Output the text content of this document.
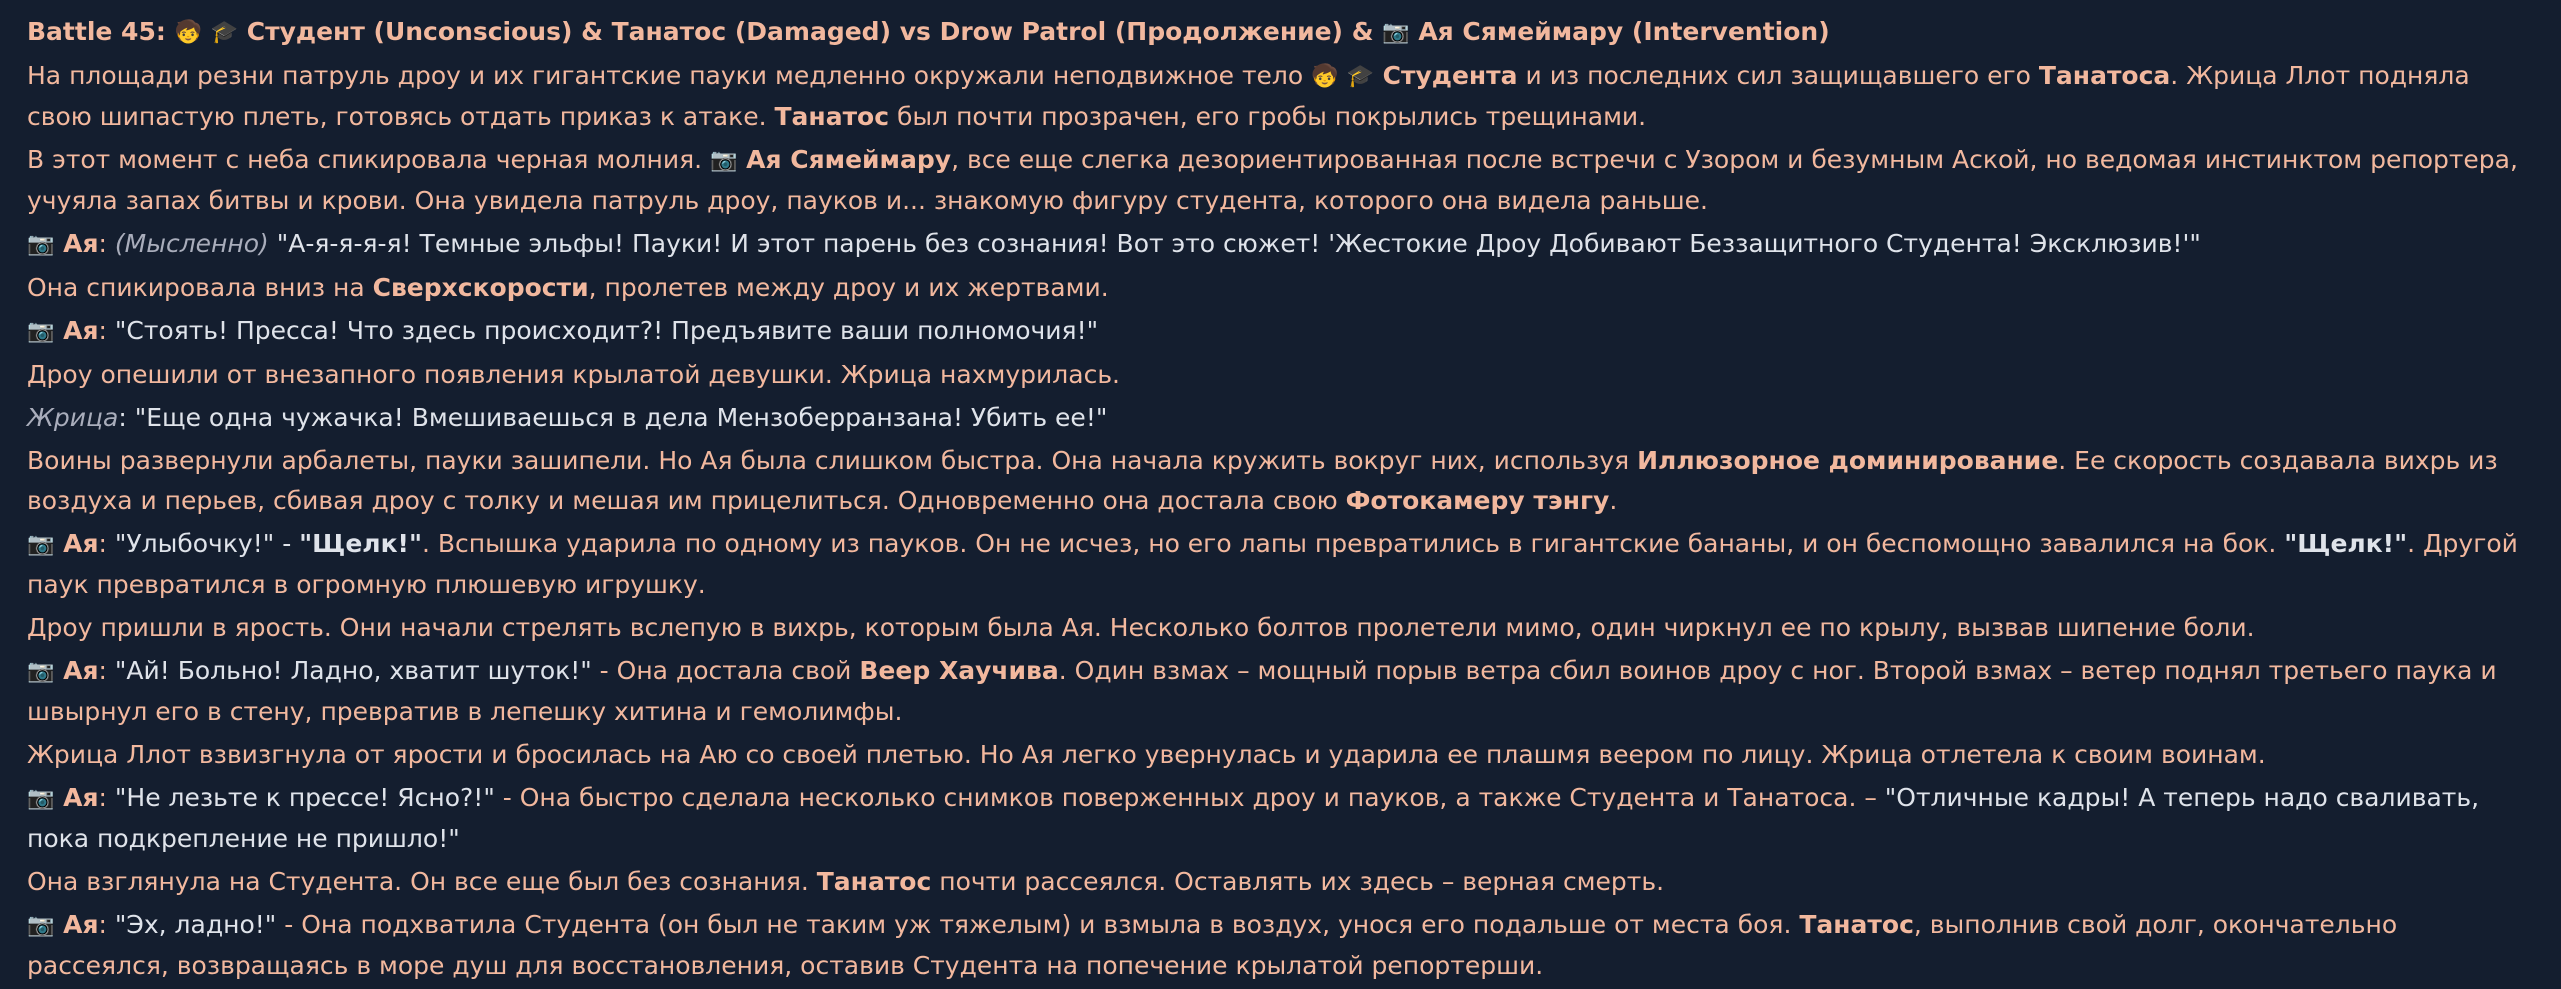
Battle 45: 🧒 🎓 Студент (Unconscious) & Танатос (Damaged) vs Drow Patrol (Продолжение) & 📷 Ая Сямеймару (Intervention)
На площади резни патруль дроу и их гигантские пауки медленно окружали неподвижное тело 🧒 🎓 Студента и из последних сил защищавшего его Танатоса. Жрица Ллот подняла свою шипастую плеть, готовясь отдать приказ к атаке. Танатос был почти прозрачен, его гробы покрылись трещинами.
В этот момент с неба спикировала черная молния. 📷 Ая Сямеймару, все еще слегка дезориентированная после встречи с Узором и безумным Аской, но ведомая инстинктом репортера, учуяла запах битвы и крови. Она увидела патруль дроу, пауков и... знакомую фигуру студента, которого она видела раньше.
📷 Ая: (Мысленно) "А-я-я-я-я! Темные эльфы! Пауки! И этот парень без сознания! Вот это сюжет! 'Жестокие Дроу Добивают Беззащитного Студента! Эксклюзив!'"
Она спикировала вниз на Сверхскорости, пролетев между дроу и их жертвами.
📷 Ая: "Стоять! Пресса! Что здесь происходит?! Предъявите ваши полномочия!"
Дроу опешили от внезапного появления крылатой девушки. Жрица нахмурилась.
Жрица: "Еще одна чужачка! Вмешиваешься в дела Мензоберранзана! Убить ее!"
Воины развернули арбалеты, пауки зашипели. Но Ая была слишком быстра. Она начала кружить вокруг них, используя Иллюзорное доминирование. Ее скорость создавала вихрь из воздуха и перьев, сбивая дроу с толку и мешая им прицелиться. Одновременно она достала свою Фотокамеру тэнгу.
📷 Ая: "Улыбочку!" - "Щелк!". Вспышка ударила по одному из пауков. Он не исчез, но его лапы превратились в гигантские бананы, и он беспомощно завалился на бок. "Щелк!". Другой паук превратился в огромную плюшевую игрушку.
Дроу пришли в ярость. Они начали стрелять вслепую в вихрь, которым была Ая. Несколько болтов пролетели мимо, один чиркнул ее по крылу, вызвав шипение боли.
📷 Ая: "Ай! Больно! Ладно, хватит шуток!" - Она достала свой Веер Хаучива. Один взмах – мощный порыв ветра сбил воинов дроу с ног. Второй взмах – ветер поднял третьего паука и швырнул его в стену, превратив в лепешку хитина и гемолимфы.
Жрица Ллот взвизгнула от ярости и бросилась на Аю со своей плетью. Но Ая легко увернулась и ударила ее плашмя веером по лицу. Жрица отлетела к своим воинам.
📷 Ая: "Не лезьте к прессе! Ясно?!" - Она быстро сделала несколько снимков поверженных дроу и пауков, а также Студента и Танатоса. – "Отличные кадры! А теперь надо сваливать, пока подкрепление не пришло!"
Она взглянула на Студента. Он все еще был без сознания. Танатос почти рассеялся. Оставлять их здесь – верная смерть.
📷 Ая: "Эх, ладно!" - Она подхватила Студента (он был не таким уж тяжелым) и взмыла в воздух, унося его подальше от места боя. Танатос, выполнив свой долг, окончательно рассеялся, возвращаясь в море душ для восстановления, оставив Студента на попечение крылатой репортерши.
